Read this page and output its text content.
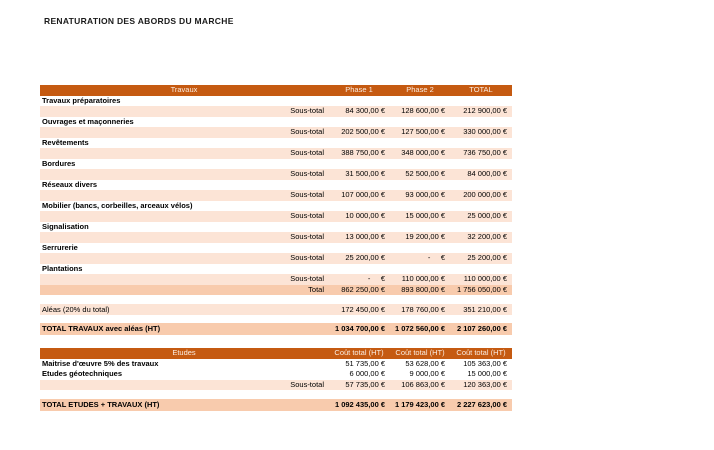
RENATURATION DES ABORDS DU MARCHE
Travaux	Phase 1	Phase 2	TOTAL
Travaux préparatoires
Sous-total	84 300,00 €	128 600,00 €	212 900,00 €
Ouvrages et maçonneries
Sous-total	202 500,00 €	127 500,00 €	330 000,00 €
Revêtements
Sous-total	388 750,00 €	348 000,00 €	736 750,00 €
Bordures
Sous-total	31 500,00 €	52 500,00 €	84 000,00 €
Réseaux divers
Sous-total	107 000,00 €	93 000,00 €	200 000,00 €
Mobilier (bancs, corbeilles, arceaux vélos)
Sous-total	10 000,00 €	15 000,00 €	25 000,00 €
Signalisation
Sous-total	13 000,00 €	19 200,00 €	32 200,00 €
Serrurerie
Sous-total	25 200,00 €	-     €	25 200,00 €
Plantations
Sous-total	-     €	110 000,00 €	110 000,00 €
Total	862 250,00 €	893 800,00 €	1 756 050,00 €
Aléas (20% du total)	172 450,00 €	178 760,00 €	351 210,00 €
TOTAL TRAVAUX avec aléas (HT)	1 034 700,00 €	1 072 560,00 €	2 107 260,00 €
Etudes	Coût total (HT)	Coût total (HT)	Coût total (HT)
Maitrise d'œuvre 5% des travaux	51 735,00 €	53 628,00 €	105 363,00 €
Etudes géotechniques	6 000,00 €	9 000,00 €	15 000,00 €
Sous-total	57 735,00 €	106 863,00 €	120 363,00 €
TOTAL ETUDES + TRAVAUX (HT)	1 092 435,00 €	1 179 423,00 €	2 227 623,00 €
